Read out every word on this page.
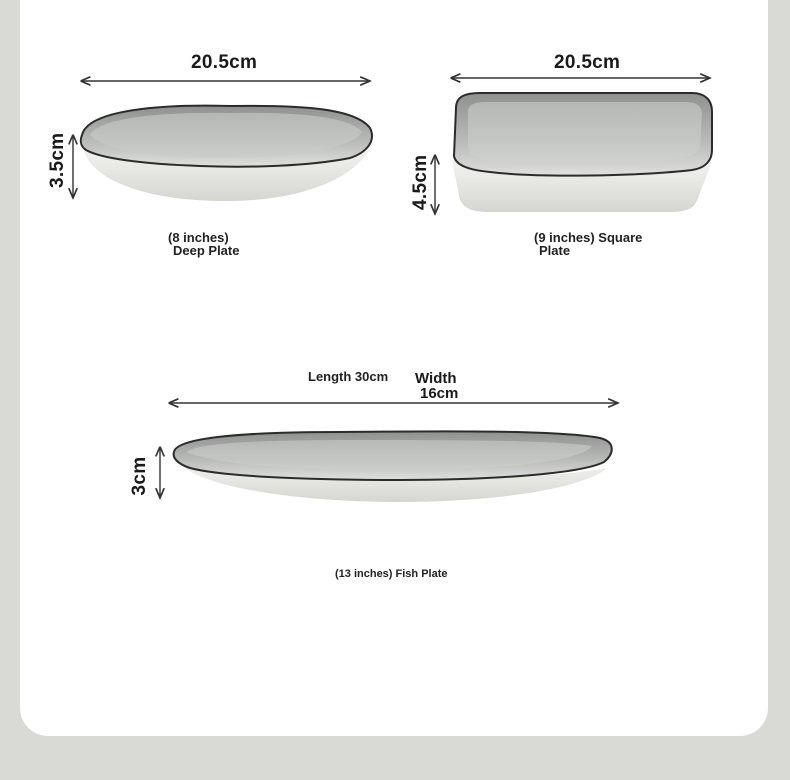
20.5cm
3.5cm
(8 inches)
Deep Plate
20.5cm
4.5cm
(9 inches) Square
Plate
Length 30cm Width
16cm
3cm
(13 inches) Fish Plate
